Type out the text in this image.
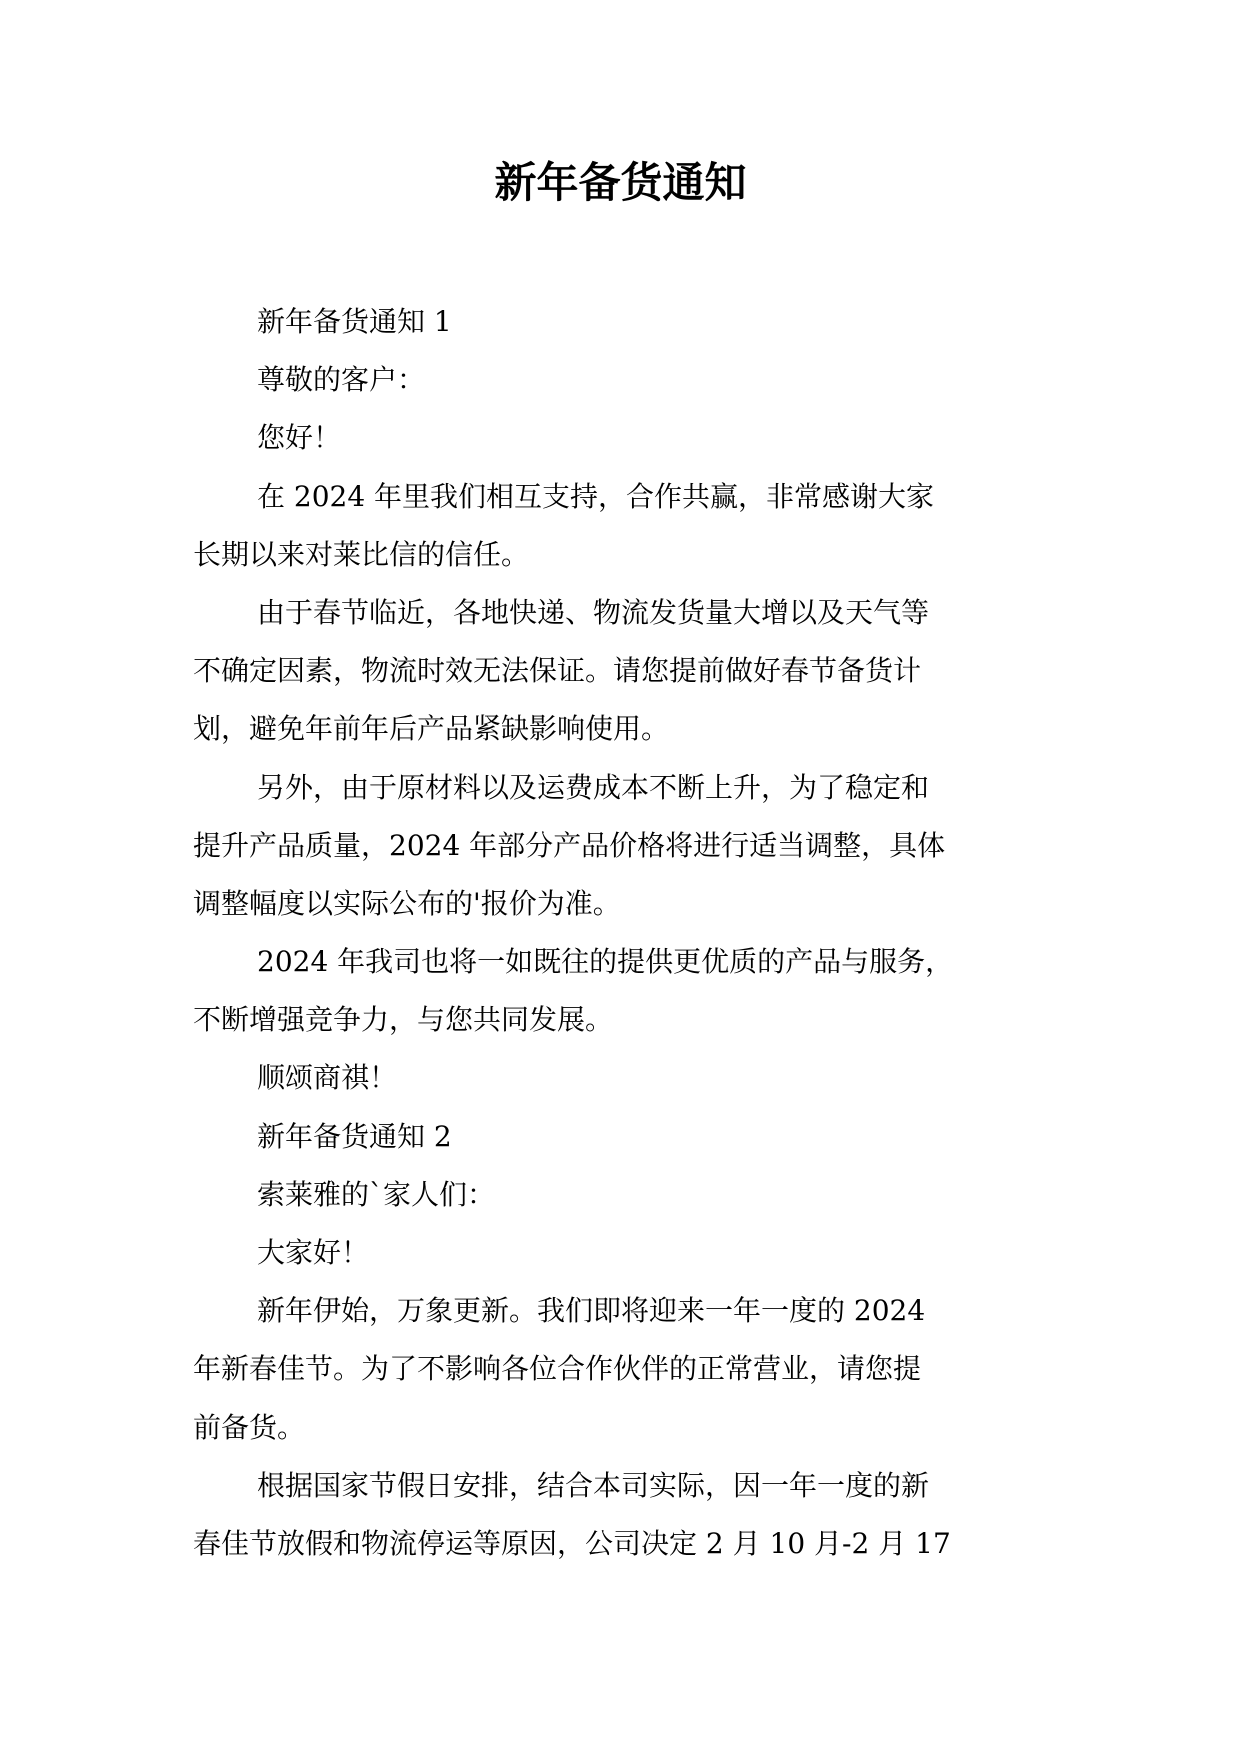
新年备货通知

新年备货通知 1

尊敬的客户：

您好！

在 2024 年里我们相互支持，合作共赢，非常感谢大家

长期以来对莱比信的信任。

由于春节临近，各地快递、物流发货量大增以及天气等

不确定因素，物流时效无法保证。请您提前做好春节备货计

划，避免年前年后产品紧缺影响使用。

另外，由于原材料以及运费成本不断上升，为了稳定和

提升产品质量，2024 年部分产品价格将进行适当调整，具体

调整幅度以实际公布的'报价为准。

2024 年我司也将一如既往的提供更优质的产品与服务，

不断增强竞争力，与您共同发展。

顺颂商祺！

新年备货通知 2

索莱雅的`家人们：

大家好！

新年伊始，万象更新。我们即将迎来一年一度的 2024

年新春佳节。为了不影响各位合作伙伴的正常营业，请您提

前备货。

根据国家节假日安排，结合本司实际，因一年一度的新

春佳节放假和物流停运等原因，公司决定 2 月 10 月-2 月 17
